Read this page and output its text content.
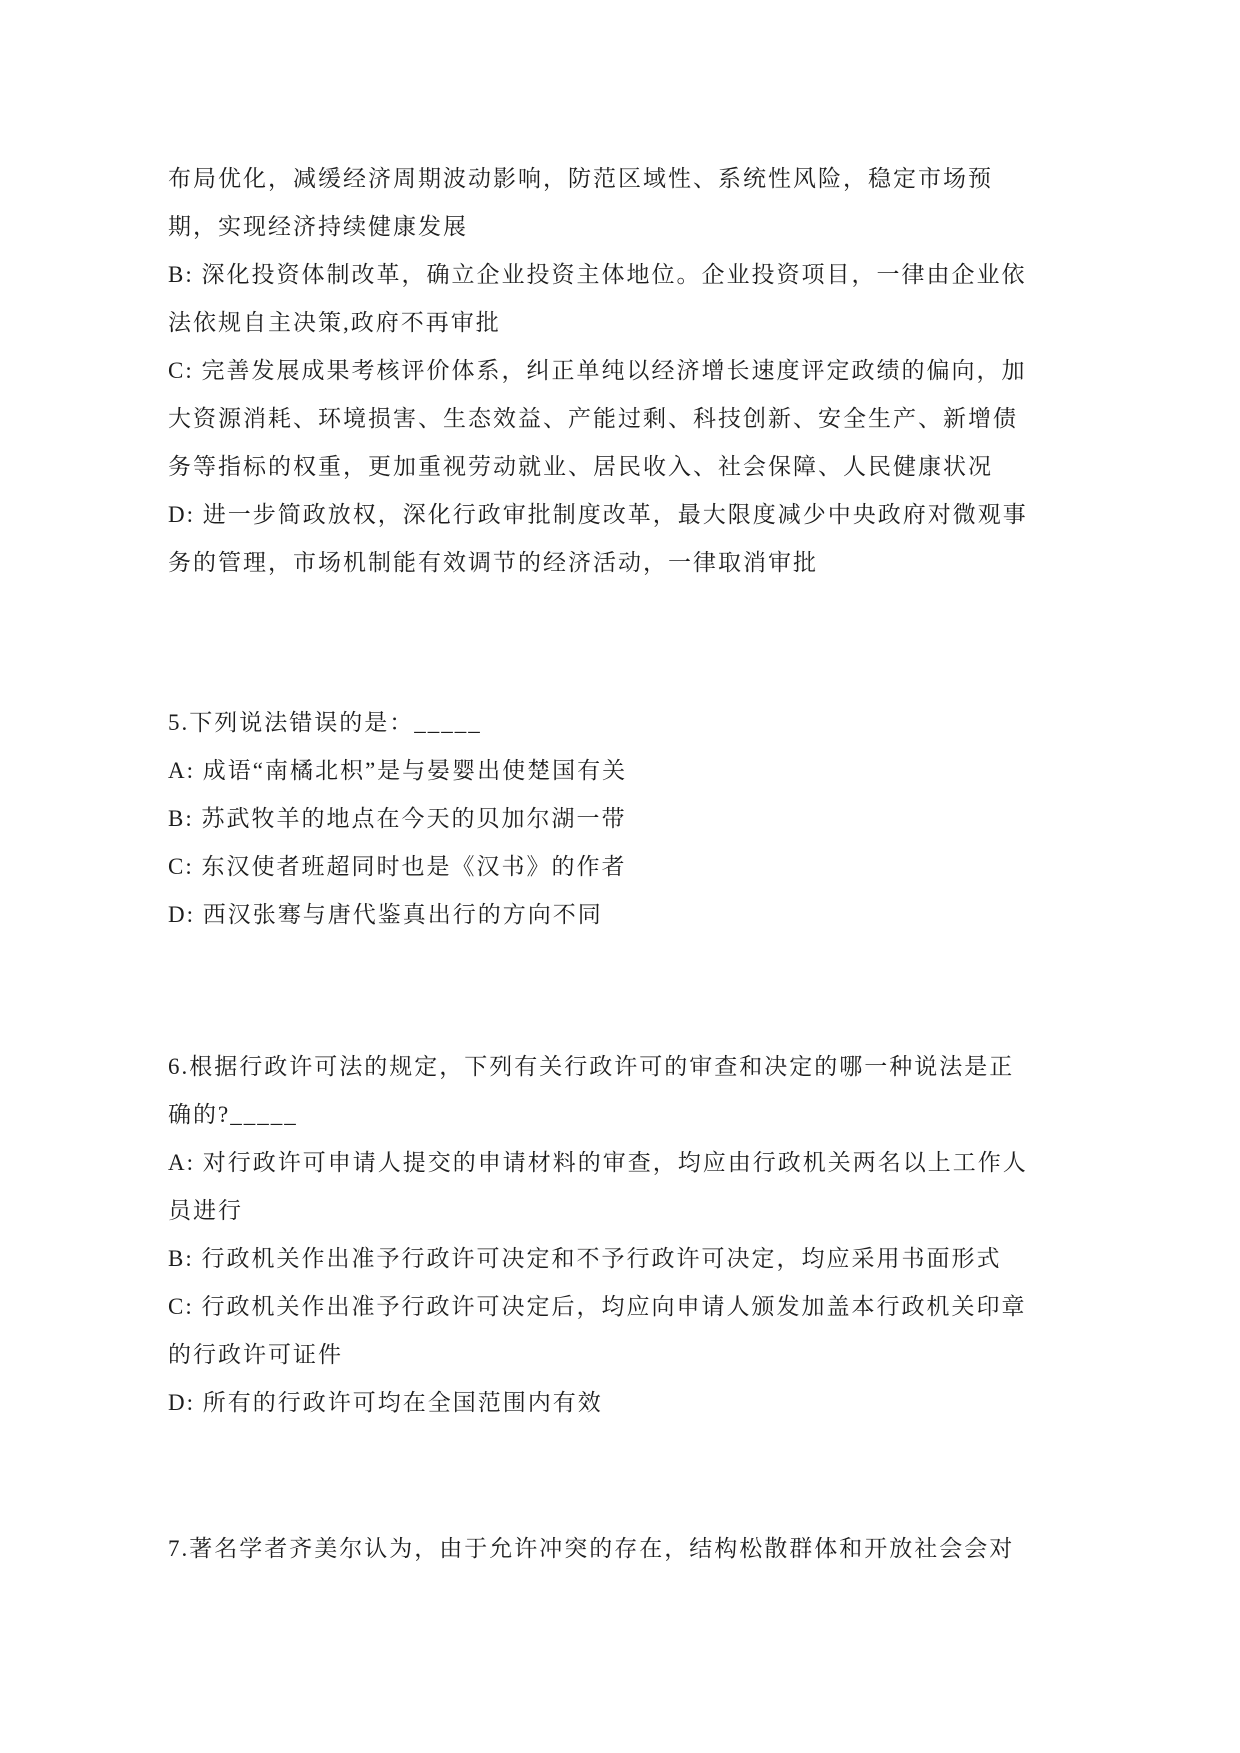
布局优化，减缓经济周期波动影响，防范区域性、系统性风险，稳定市场预
期，实现经济持续健康发展
B: 深化投资体制改革，确立企业投资主体地位。企业投资项目，一律由企业依
法依规自主决策,政府不再审批
C: 完善发展成果考核评价体系，纠正单纯以经济增长速度评定政绩的偏向，加
大资源消耗、环境损害、生态效益、产能过剩、科技创新、安全生产、新增债
务等指标的权重，更加重视劳动就业、居民收入、社会保障、人民健康状况
D: 进一步简政放权，深化行政审批制度改革，最大限度减少中央政府对微观事
务的管理，市场机制能有效调节的经济活动，一律取消审批
5.下列说法错误的是：_____
A: 成语“南橘北枳”是与晏婴出使楚国有关
B: 苏武牧羊的地点在今天的贝加尔湖一带
C: 东汉使者班超同时也是《汉书》的作者
D: 西汉张骞与唐代鉴真出行的方向不同
6.根据行政许可法的规定，下列有关行政许可的审查和决定的哪一种说法是正
确的?_____
A: 对行政许可申请人提交的申请材料的审查，均应由行政机关两名以上工作人
员进行
B: 行政机关作出准予行政许可决定和不予行政许可决定，均应采用书面形式
C: 行政机关作出准予行政许可决定后，均应向申请人颁发加盖本行政机关印章
的行政许可证件
D: 所有的行政许可均在全国范围内有效
7.著名学者齐美尔认为，由于允许冲突的存在，结构松散群体和开放社会会对
